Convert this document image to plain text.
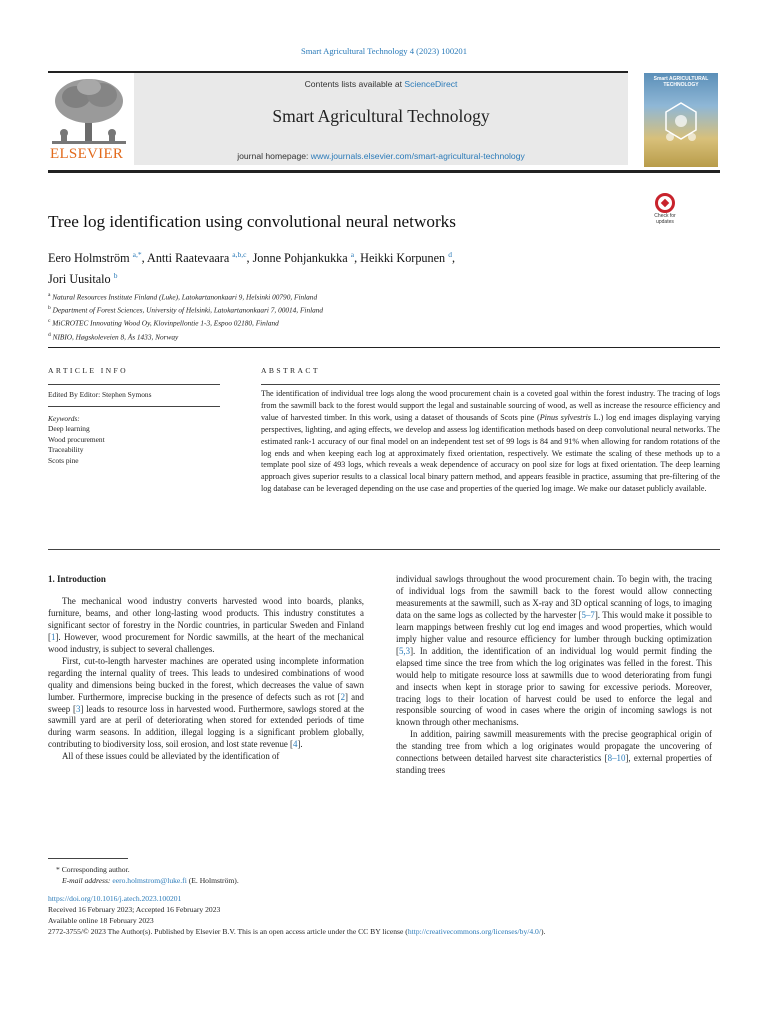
Smart Agricultural Technology 4 (2023) 100201
ELSEVIER
Contents lists available at ScienceDirect
Smart Agricultural Technology
journal homepage: www.journals.elsevier.com/smart-agricultural-technology
Smart AGRICULTURAL TECHNOLOGY
Tree log identification using convolutional neural networks	Check for
updates
Eero Holmström $^{a,*}$, Antti Raatevaara $^{a,b,c}$, Jonne Pohjankukka $^a$, Heikki Korpunen $^d$,
Jori Uusitalo $^b$
$^a$ Natural Resources Institute Finland (Luke), Latokartanonkaari 9, Helsinki 00790, Finland
$^b$ Department of Forest Sciences, University of Helsinki, Latokartanonkaari 7, 00014, Finland
$^c$ MiCROTEC Innovating Wood Oy, Klovinpellontie 1-3, Espoo 02180, Finland
$^d$ NIBIO, Høgskoleveien 8, Ås 1433, Norway
ARTICLE INFO
Edited By Editor: Stephen Symons
Keywords:
Deep learning
Wood procurement
Traceability
Scots pine
ABSTRACT
The identification of individual tree logs along the wood procurement chain is a coveted goal within the forest industry. The tracing of logs from the sawmill back to the forest would support the legal and sustainable sourcing of wood, as well as increase the resource efficiency and value of harvested timber. In this work, using a dataset of thousands of Scots pine (Pinus sylvestris L.) log end images displaying varying perspectives, lighting, and aging effects, we develop and assess log identification methods based on deep convolutional neural networks. The estimated rank-1 accuracy of our final model on an independent test set of 99 logs is 84 and 91% when allowing for random rotations of the log ends and when keeping each log at approximately fixed orientation, respectively. We estimate the scaling of these methods up to a template pool size of 493 logs, which reveals a weak dependence of accuracy on pool size for logs at fixed orientation. The deep learning approach gives superior results to a classical local binary pattern method, and appears feasible in practice, assuming that pre-filtering of the log database can be leveraged depending on the use case and properties of the queried log image. We make our dataset publicly available.
1. Introduction

The mechanical wood industry converts harvested wood into boards, planks, furniture, beams, and other long-lasting wood products. This industry constitutes a significant sector of forestry in the Nordic countries, in particular Sweden and Finland [1]. However, wood procurement for Nordic sawmills, at the heart of the mechanical wood industry, is subject to several challenges.

First, cut-to-length harvester machines are operated using incomplete information regarding the internal quality of trees. This leads to undesired combinations of wood quality and dimensions being bucked in the forest, which decreases the value of sawn lumber. Furthermore, imprecise bucking in the presence of defects such as rot [2] and sweep [3] leads to resource loss in harvested wood. Furthermore, sawlogs stored at the sawmill yard are at peril of deteriorating when stored for extended periods of time during warm seasons. In addition, illegal logging is a significant problem globally, contributing to biodiversity loss, soil erosion, and lost state revenue [4].

All of these issues could be alleviated by the identification of

individual sawlogs throughout the wood procurement chain. To begin with, the tracing of individual logs from the sawmill back to the forest would allow connecting measurements at the sawmill, such as X-ray and 3D optical scanning of logs, to imaging data on the same logs as collected by the harvester [5–7]. This would make it possible to learn mappings between freshly cut log end images and wood properties, which would imply higher value and resource efficiency for lumber through bucking optimization [5,3]. In addition, the identification of an individual log would permit finding the elapsed time since the tree from which the log originates was felled in the forest. This would help to mitigate resource loss at sawmills due to wood deteriorating from fungi and insects when kept in storage prior to sawing for excessive periods. Moreover, tracing logs to their location of harvest could be used to enforce the legal and responsible sourcing of wood in cases where the origin of incoming sawlogs is not known through other mechanisms.

In addition, pairing sawmill measurements with the precise geographical origin of the standing tree from which a log originates would propagate the uncovering of connections between detailed harvest site characteristics [8–10], external properties of standing trees

* Corresponding author.
E-mail address: eero.holmstrom@luke.fi (E. Holmström).
https://doi.org/10.1016/j.atech.2023.100201
Received 16 February 2023; Accepted 16 February 2023
Available online 18 February 2023
2772-3755/© 2023 The Author(s). Published by Elsevier B.V. This is an open access article under the CC BY license (http://creativecommons.org/licenses/by/4.0/).
